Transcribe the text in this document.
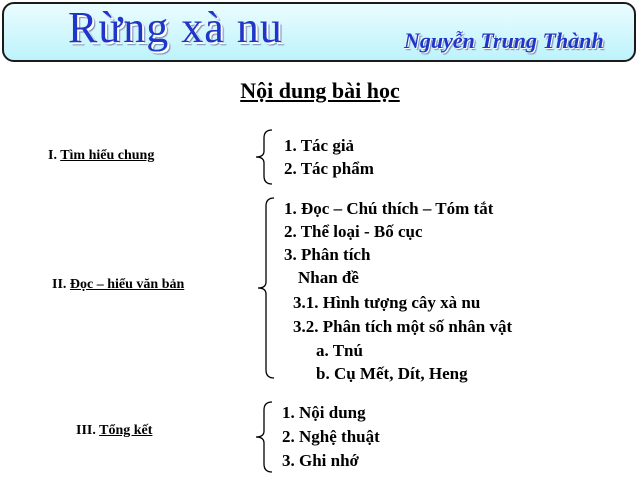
Rừng xà nu	Nguyễn Trung Thành
Nội dung bài học
I. Tìm hiểu chung
1. Tác giả
2. Tác phẩm
II. Đọc – hiểu văn bản
1. Đọc – Chú thích – Tóm tắt
2. Thể loại - Bố cục
3. Phân tích
Nhan đề
3.1. Hình tượng cây xà nu
3.2. Phân tích một số nhân vật
a. Tnú
b. Cụ Mết, Dít, Heng
III. Tổng kết
1. Nội dung
2. Nghệ thuật
3. Ghi nhớ
